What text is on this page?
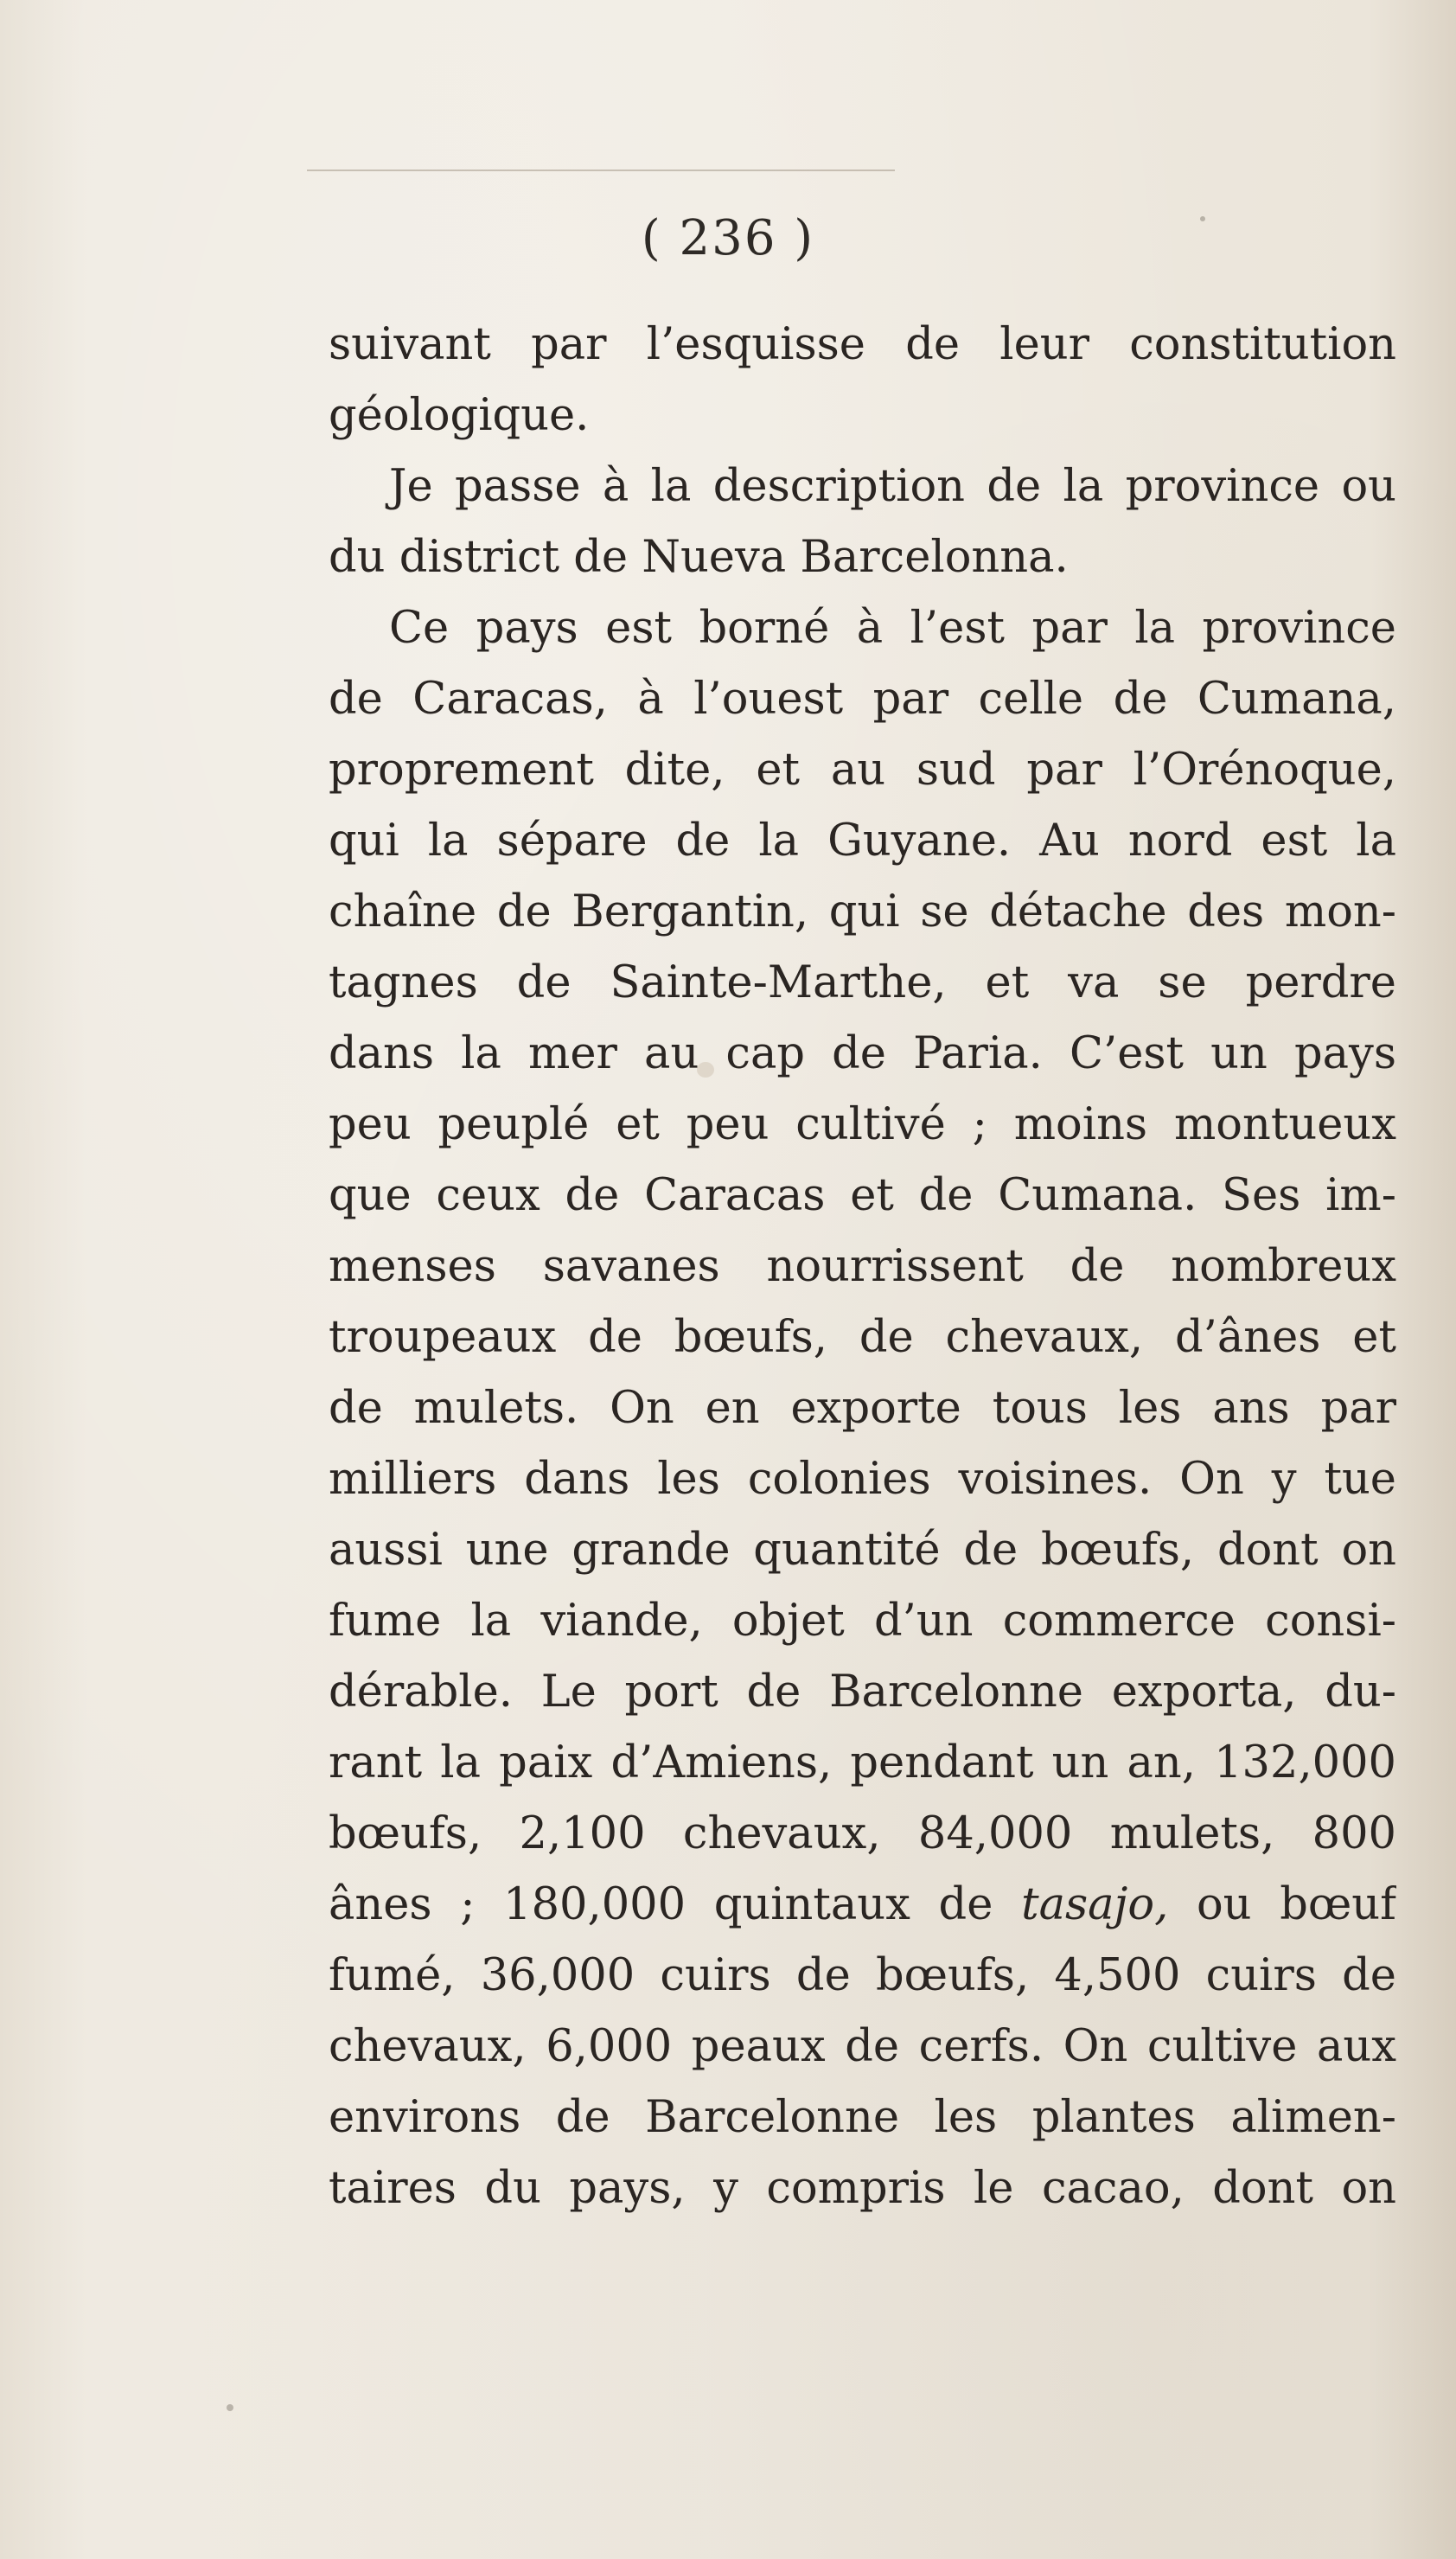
( 236 )
suivant par l’esquisse de leur constitution
géologique.
Je passe à la description de la province ou
du district de Nueva Barcelonna.
Ce pays est borné à l’est par la province
de Caracas, à l’ouest par celle de Cumana,
proprement dite, et au sud par l’Orénoque,
qui la sépare de la Guyane. Au nord est la
chaîne de Bergantin, qui se détache des mon-
tagnes de Sainte-Marthe, et va se perdre
dans la mer au cap de Paria. C’est un pays
peu peuplé et peu cultivé ; moins montueux
que ceux de Caracas et de Cumana. Ses im-
menses savanes nourrissent de nombreux
troupeaux de bœufs, de chevaux, d’ânes et
de mulets. On en exporte tous les ans par
milliers dans les colonies voisines. On y tue
aussi une grande quantité de bœufs, dont on
fume la viande, objet d’un commerce consi-
dérable. Le port de Barcelonne exporta, du-
rant la paix d’Amiens, pendant un an, 132,000
bœufs, 2,100 chevaux, 84,000 mulets, 800
ânes ; 180,000 quintaux de tasajo, ou bœuf
fumé, 36,000 cuirs de bœufs, 4,500 cuirs de
chevaux, 6,000 peaux de cerfs. On cultive aux
environs de Barcelonne les plantes alimen-
taires du pays, y compris le cacao, dont on
